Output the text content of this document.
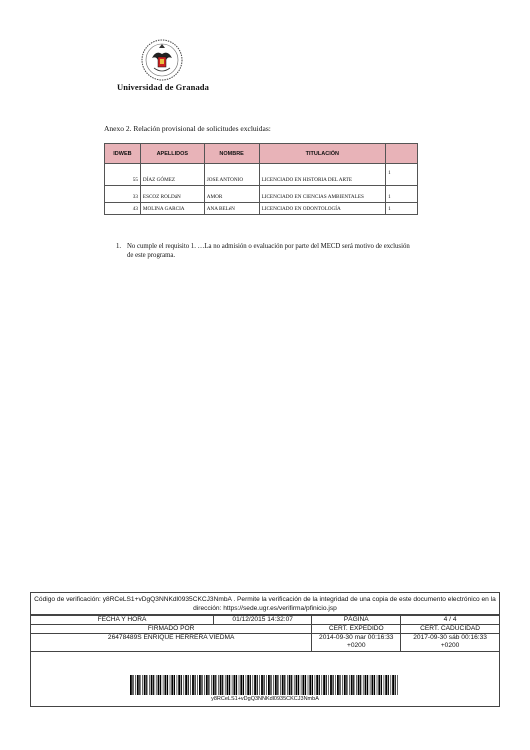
Universidad de Granada
Anexo 2. Relación provisional de solicitudes excluidas:
IDWEB	APELLIDOS	NOMBRE	TITULACIÓN	
55	DÍAZ GÓMEZ	JOSE ANTONIO	LICENCIADO EN HISTORIA DEL ARTE	1
33	ESCOZ ROLDáN	AMOR	LICENCIADO EN CIENCIAS AMBIENTALES	1
43	MOLINA GARCIA	ANA BELéN	LICENCIADO EN ODONTOLOGÍA	1
1. No cumple el requisito 1. …La no admisión o evaluación por parte del MECD será motivo de exclusión de este programa.
Código de verificación: y8RCeLS1+vDgQ3NNKdl0935CKCJ3NmbA . Permite la verificación de la integridad de una copia de este documento electrónico en la dirección: https://sede.ugr.es/verifirma/pfinicio.jsp
FECHA Y HORA	01/12/2015 14:32:07	PÁGINA	4 / 4
FIRMADO POR		CERT. EXPEDIDO	CERT. CADUCIDAD
26478489S ENRIQUE HERRERA VIEDMA		2014-09-30 mar 00:16:33 +0200	2017-09-30 sáb 00:16:33 +0200
y8RCeLS1+vDgQ3NNKdl0935CKCJ3NmbA
